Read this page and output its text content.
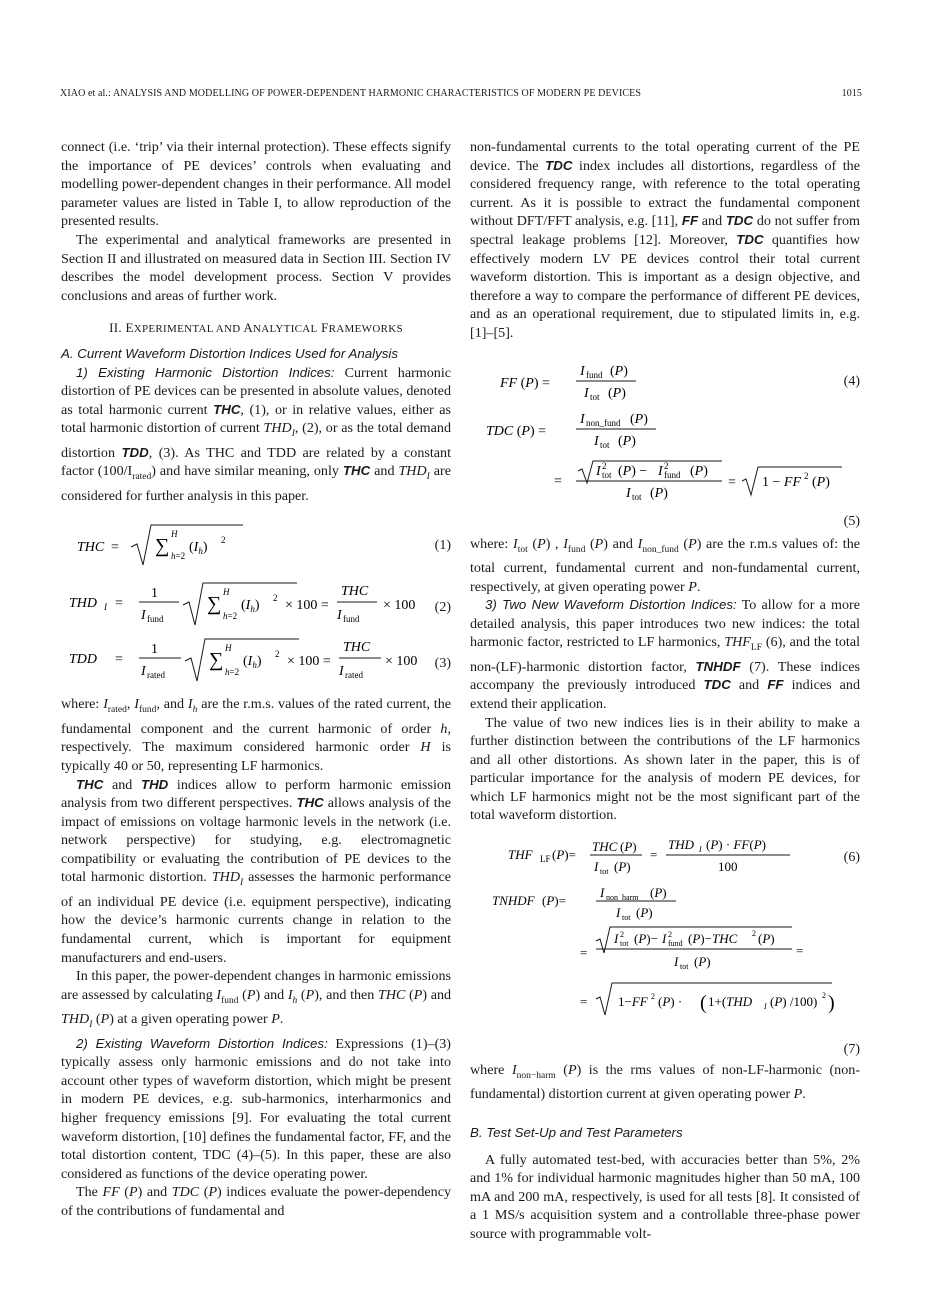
XIAO et al.: ANALYSIS AND MODELLING OF POWER-DEPENDENT HARMONIC CHARACTERISTICS OF MODERN PE DEVICES	1015

connect (i.e. ‘trip’ via their internal protection). These effects signify the importance of PE devices’ controls when evaluating and modelling power-dependent changes in their performance. All model parameter values are listed in Table I, to allow reproduction of the presented results.

The experimental and analytical frameworks are presented in Section II and illustrated on measured data in Section III. Section IV describes the model development process. Section V provides conclusions and areas of further work.

II. EXPERIMENTAL AND ANALYTICAL FRAMEWORKS
A. Current Waveform Distortion Indices Used for Analysis

1) Existing Harmonic Distortion Indices: Current harmonic distortion of PE devices can be presented in absolute values, denoted as total harmonic current THC, (1), or in relative values, either as total harmonic distortion of current $THD_I$, (2), or as the total demand distortion TDD, (3). As THC and TDD are related by a constant factor $(100/I_{rated})$ and have similar meaning, only THC and $THD_I$ are considered for further analysis in this paper.

THC = ∑
H
h=2
$(I_h)$ 2	(1)
THD I =
1
I fund
∑
H
h=2
$(I_h) 2 \times 100$ =
THC
I fund
× 100 (2)
TDD =
1
I rated
∑
H
h=2
$(I_h) 2 \times 100$ =
THC
I rated
× 100 (3)

where: $I_{rated}$, $I_{fund}$, and $I_h$ are the r.m.s. values of the rated current, the fundamental component and the current harmonic of order h, respectively. The maximum considered harmonic order H is typically 40 or 50, representing LF harmonics.

THC and THD indices allow to perform harmonic emission analysis from two different perspectives. THC allows analysis of the impact of emissions on voltage harmonic levels in the network (i.e. network perspective) for studying, e.g. electromagnetic compatibility or evaluating the contribution of PE devices to the total harmonic distortion. $THD_I$ assesses the harmonic performance of an individual PE device (i.e. equipment perspective), indicating how the device’s harmonic currents change in relation to the fundamental current, which is important for equipment manufacturers and end-users.

In this paper, the power-dependent changes in harmonic emissions are assessed by calculating $I_{fund}$ (P) and $I_h$ (P), and then THC (P) and $THD_I$ (P) at a given operating power P.

2) Existing Waveform Distortion Indices: Expressions (1)–(3) typically assess only harmonic emissions and do not take into account other types of waveform distortion, which might be present in modern PE devices, e.g. sub-harmonics, interharmonics and higher frequency emissions [9]. For evaluating the total current waveform distortion, [10] defines the fundamental factor, FF, and the total distortion content, TDC (4)–(5). In this paper, these are also considered as functions of the device operating power.

The FF (P) and TDC (P) indices evaluate the power-dependency of the contributions of fundamental and

non-fundamental currents to the total operating current of the PE device. The TDC index includes all distortions, regardless of the considered frequency range, with reference to the total operating current. As it is possible to extract the fundamental component without DFT/FFT analysis, e.g. [11], FF and TDC do not suffer from spectral leakage problems [12]. Moreover, TDC quantifies how effectively modern LV PE devices control their total current waveform distortion. This is important as a design objective, and therefore a way to compare the performance of different PE devices, and as an operational requirement, due to stipulated limits in, e.g. [1]–[5].

FF (P) =
I fund (P)
I tot (P)
TDC (P) =
I non_fund (P)
I tot (P)
=
I 2
tot (P) − I 2
fund (P)
I tot (P)
= 1 − FF 2 (P)
(4)
(5)

where: $I_{tot}$ (P) , $I_{fund}$ (P) and $I_{non\_fund}$ (P) are the r.m.s values of: the total current, fundamental current and non-fundamental current, respectively, at given operating power P.

3) Two New Waveform Distortion Indices: To allow for a more detailed analysis, this paper introduces two new indices: the total harmonic factor, restricted to LF harmonics, $THF_{LF}$ (6), and the total non-(LF)-harmonic distortion factor, TNHDF (7). These indices accompany the previously introduced TDC and FF indices and extend their application.

The value of two new indices lies is in their ability to make a further distinction between the contributions of the LF harmonics and all other distortions. As shown later in the paper, this is of particular importance for the analysis of modern PE devices, for which LF harmonics might not be the most significant part of the total waveform distortion.

THF LF (P)=
THC (P)
I tot (P)
=
THD I (P) · FF(P)
100
TNHDF (P)=
I non_harm (P)
I tot (P)
=
I 2
tot (P)− I 2
fund (P)−THC 2 (P)
I tot (P)
=
= 1−FF 2 (P) · ( 1+(THD I (P) /100) 2 )
(6)
(7)

where $I_{non-harm}$ (P) is the rms values of non-LF-harmonic (non-fundamental) distortion current at given operating power P.

B. Test Set-Up and Test Parameters

A fully automated test-bed, with accuracies better than 5%, 2% and 1% for individual harmonic magnitudes higher than 50 mA, 100 mA and 200 mA, respectively, is used for all tests [8]. It consisted of a 1 MS/s acquisition system and a controllable three-phase power source with programmable volt-
